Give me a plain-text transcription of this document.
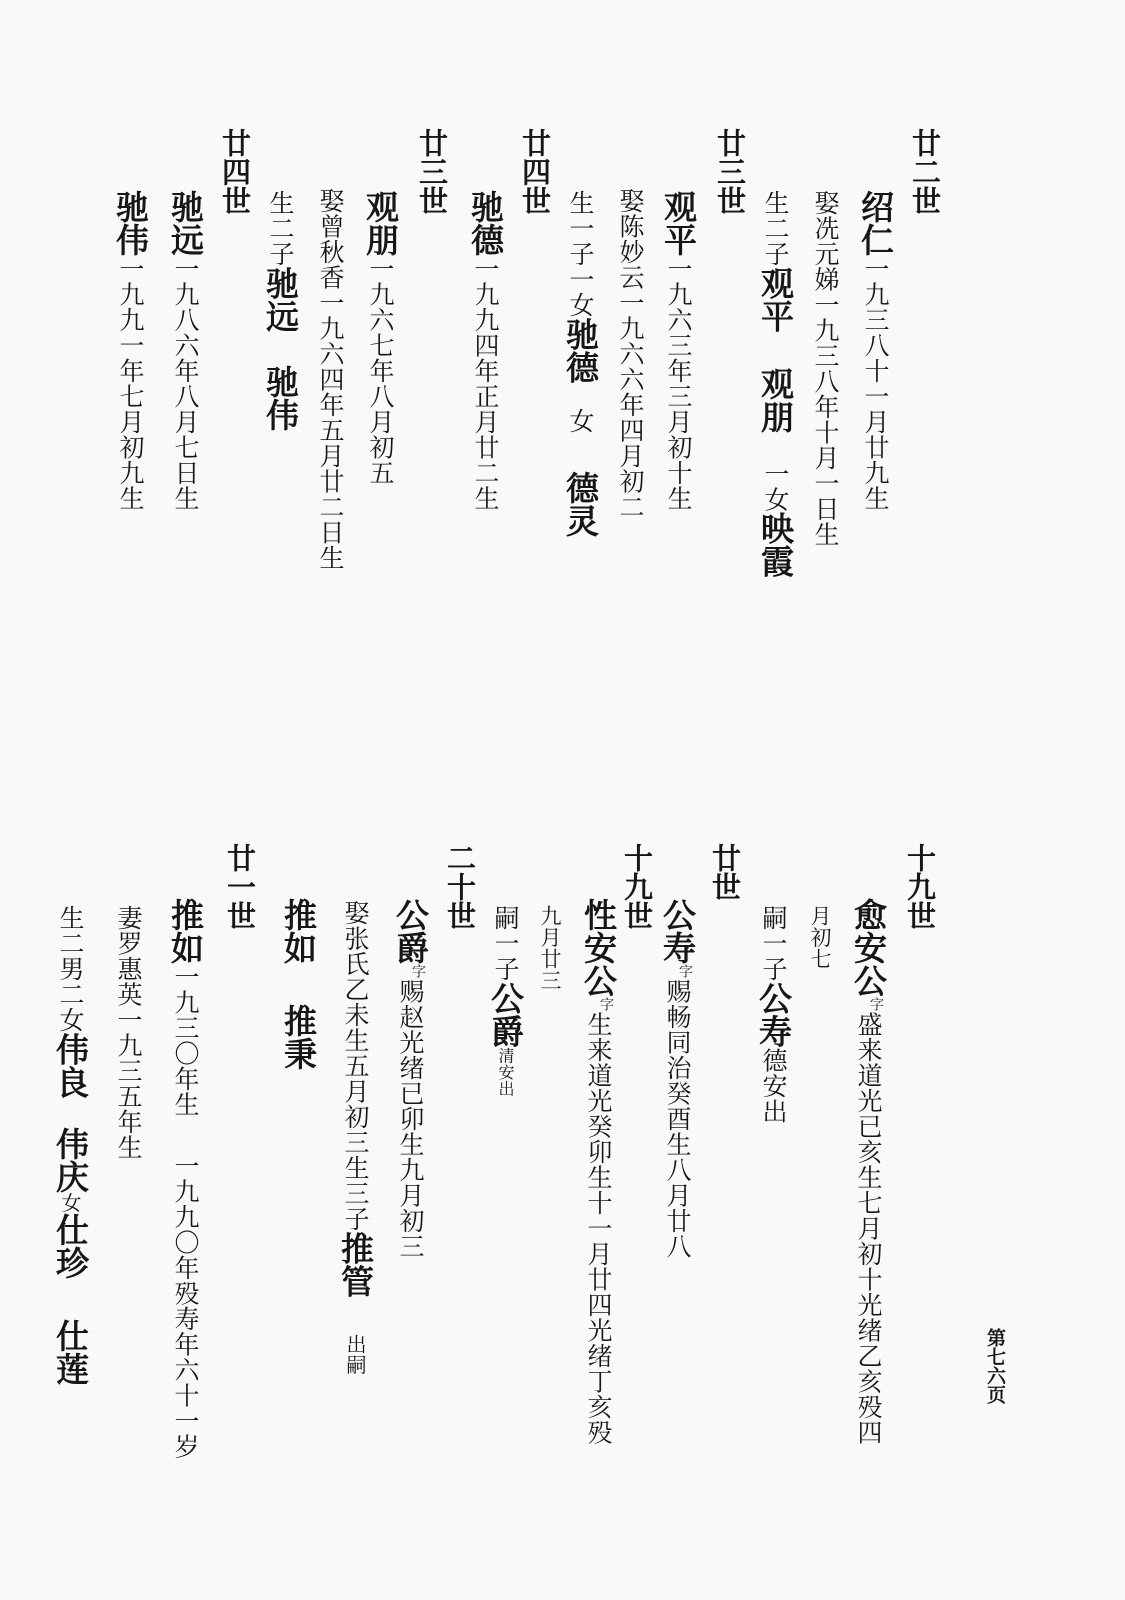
廿二世
绍仁一九三八十一月廿九生
娶冼元娣一九三八年十月一日生
生二子观平观朋一女映霞
廿三世
观平一九六三年三月初十生
娶陈妙云一九六六年四月初二
生一子一女驰德女德灵
廿四世
驰德一九九四年正月廿二生
廿三世
观朋一九六七年八月初五
娶曾秋香一九六四年五月廿二日生
生二子驰远驰伟
廿四世
驰远一九八六年八月七日生
驰伟一九九一年七月初九生
十九世
愈安公字盛来道光已亥生七月初十光绪乙亥殁四
月初七
嗣一子公寿德安出
廿世
公寿字赐畅同治癸酉生八月廿八
十九世
性安公字生来道光癸卯生十一月廿四光绪丁亥殁
九月廿三
嗣一子公爵清安出
二十世
公爵字赐赵光绪已卯生九月初三
娶张氏乙未生五月初三生三子推管出嗣
推如推秉
廿一世
推如一九三〇年生一九九〇年殁寿年六十一岁
妻罗惠英一九三五年生
生二男二女伟良伟庆女仕珍仕莲	第七六页
